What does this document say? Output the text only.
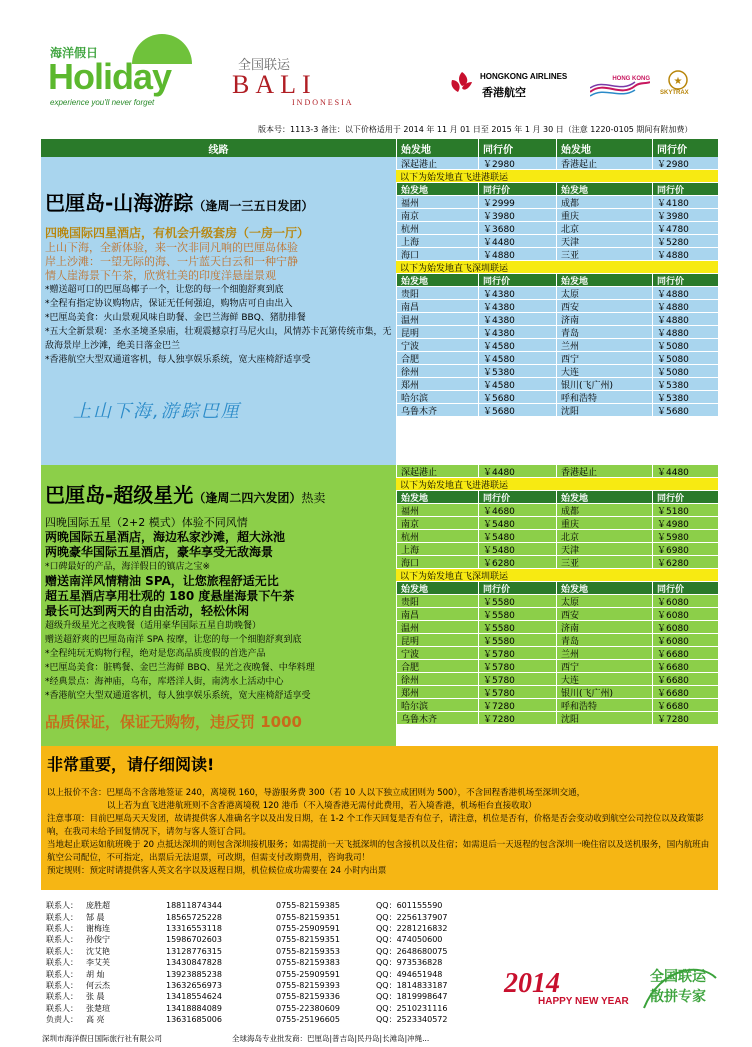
海洋假日
Holiday
experience you'll never forget
全国联运
BALI
INDONESIA
HONGKONG AIRLINES
香港航空
HONG KONG ★
SKYTRAX
版本号：1113-3 备注：以下价格适用于 2014 年 11 月 01 日至 2015 年 1 月 30 日（注意 1220-0105 期间有附加费）
线路	始发地	同行价	始发地	同行价
巴厘岛-山海游踪（逢周一三五日发团）
四晚国际四星酒店，有机会升级套房（一房一厅）
上山下海，全新体验，来一次非同凡响的巴厘岛体验
岸上沙滩：一望无际的海、一片蓝天白云和一种宁静
情人崖海景下午茶，欣赏壮美的印度洋悬崖景观
*赠送超可口的巴厘岛椰子一个，让您的每一个细胞舒爽到底
*全程有指定协议购物店，保证无任何强迫，购物店可自由出入
*巴厘岛美食：火山景观风味自助餐、金巴兰海鲜 BBQ、猪肋排餐
*五大全新景观：圣水圣境圣泉庙，壮观震撼京打马尼火山，风情苏卡瓦第传统市集，无敌海景岸上沙滩，绝美日落金巴兰
*香港航空大型双通道客机，每人独享娱乐系统，宽大座椅舒适享受
上山下海,游踪巴厘
深起港止	￥2980	香港起止	￥2980
以下为始发地直飞进港联运
始发地	同行价	始发地	同行价
福州	￥2999	成都	￥4180
南京	￥3980	重庆	￥3980
杭州	￥3680	北京	￥4780
上海	￥4480	天津	￥5280
海口	￥4880	三亚	￥4880
以下为始发地直飞深圳联运
始发地	同行价	始发地	同行价
贵阳	￥4380	太原	￥4880
南昌	￥4380	西安	￥4880
温州	￥4380	济南	￥4880
昆明	￥4380	青岛	￥4880
宁波	￥4580	兰州	￥5080
合肥	￥4580	西宁	￥5080
徐州	￥5380	大连	￥5080
郑州	￥4580	银川(飞广州)	￥5380
哈尔滨	￥5680	呼和浩特	￥5380
乌鲁木齐	￥5680	沈阳	￥5680
巴厘岛-超级星光（逢周二四六发团）热卖
四晚国际五星（2+2 模式）体验不同风情
两晚国际五星酒店，海边私家沙滩，超大泳池
两晚豪华国际五星酒店，豪华享受无敌海景
*口碑最好的产品，海洋假日的镇店之宝※
赠送南洋风情精油 SPA，让您旅程舒适无比
超五星酒店享用壮观的 180 度悬崖海景下午茶
最长可达到两天的自由活动，轻松休闲
超级升级星光之夜晚餐（适用豪华国际五星自助晚餐）
赠送超舒爽的巴厘岛南洋 SPA 按摩，让您的每一个细胞舒爽到底
*全程纯玩无购物行程，绝对是您高品质度假的首选产品
*巴厘岛美食：脏鸭餐、金巴兰海鲜 BBQ、星光之夜晚餐、中华料理
*经典景点：海神庙，乌布，库塔洋人街，南湾水上活动中心
*香港航空大型双通道客机，每人独享娱乐系统，宽大座椅舒适享受
品质保证，保证无购物，违反罚 1000
深起港止	￥4480	香港起止	￥4480
以下为始发地直飞进港联运
始发地	同行价	始发地	同行价
福州	￥4680	成都	￥5180
南京	￥5480	重庆	￥4980
杭州	￥5480	北京	￥5980
上海	￥5480	天津	￥6980
海口	￥6280	三亚	￥6280
以下为始发地直飞深圳联运
始发地	同行价	始发地	同行价
贵阳	￥5580	太原	￥6080
南昌	￥5580	西安	￥6080
温州	￥5580	济南	￥6080
昆明	￥5580	青岛	￥6080
宁波	￥5780	兰州	￥6680
合肥	￥5780	西宁	￥6680
徐州	￥5780	大连	￥6680
郑州	￥5780	银川(飞广州)	￥6680
哈尔滨	￥7280	呼和浩特	￥6680
乌鲁木齐	￥7280	沈阳	￥7280
非常重要，请仔细阅读!

以上报价不含：巴厘岛不含落地签证 240，离境税 160，导游服务费 300（若 10 人以下独立成团则为 500），不含回程香港机场至深圳交通，

以上若为直飞进港航班则不含香港离境税 120 港币（不入境香港无需付此费用，若入境香港，机场柜台直接收取）

注意事项：目前巴厘岛天天发团，故请提供客人准确名字以及出发日期，在 1-2 个工作天回复是否有位子，请注意，机位是否有，价格是否会变动收到航空公司控位以及政策影响，在我司未给予回复情况下，请勿与客人签订合同。

当地起止联运如航班晚于 20 点抵达深圳的则包含深圳接机服务；如需提前一天飞抵深圳的包含接机以及住宿；如需退后一天返程的包含深圳一晚住宿以及送机服务，国内航班由航空公司配位，不可指定，出票后无法退票，可改期，但需支付改期费用，咨询我司！

预定规则：预定时请提供客人英文名字以及返程日期，机位候位成功需要在 24 小时内出票

联系人：	庞胜超	18811874344	0755-82159385	QQ：601155590
联系人：	郜 晨	18565725228	0755-82159351	QQ：2256137907
联系人：	谢梅连	13316553118	0755-25909591	QQ：2281216832
联系人：	孙俊宁	15986702603	0755-82159351	QQ：474050600
联系人：	沈艾艳	13128776315	0755-82159353	QQ：2648680075
联系人：	李艾芙	13430847828	0755-82159383	QQ：973536828
联系人：	胡 灿	13923885238	0755-25909591	QQ：494651948
联系人：	何云杰	13632656973	0755-82159393	QQ：1814833187
联系人：	张 晨	13418554624	0755-82159336	QQ：1819998647
联系人：	张楚瑄	13418884089	0755-22380609	QQ：2510231116
负责人：	高 亮	13631685006	0755-25196605	QQ：2523340572
深圳市海洋假日国际旅行社有限公司	全球海岛专业批发商：巴厘岛|普吉岛|民丹岛|长滩岛|冲绳...
2014
HAPPY NEW YEAR
全国联运
散拼专家
